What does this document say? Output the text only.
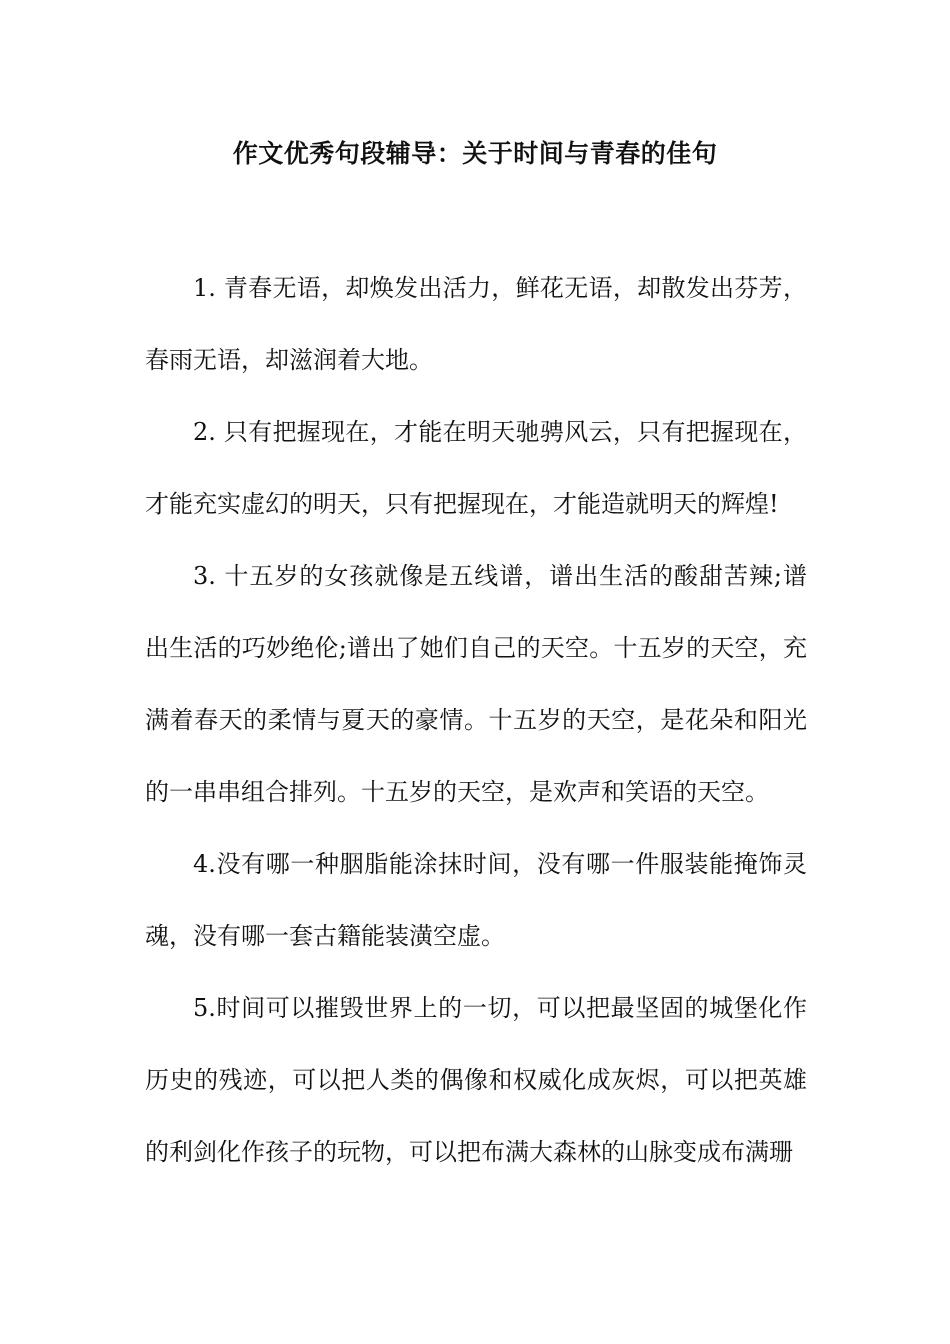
作文优秀句段辅导：关于时间与青春的佳句

1. 青春无语，却焕发出活力，鲜花无语，却散发出芬芳，春雨无语，却滋润着大地。

2. 只有把握现在，才能在明天驰骋风云，只有把握现在，才能充实虚幻的明天，只有把握现在，才能造就明天的辉煌!

3. 十五岁的女孩就像是五线谱，谱出生活的酸甜苦辣;谱出生活的巧妙绝伦;谱出了她们自己的天空。十五岁的天空，充满着春天的柔情与夏天的豪情。十五岁的天空，是花朵和阳光的一串串组合排列。十五岁的天空，是欢声和笑语的天空。

4.没有哪一种胭脂能涂抹时间，没有哪一件服装能掩饰灵魂，没有哪一套古籍能装潢空虚。

5.时间可以摧毁世界上的一切，可以把最坚固的城堡化作历史的残迹，可以把人类的偶像和权威化成灰烬，可以把英雄的利剑化作孩子的玩物，可以把布满大森林的山脉变成布满珊
